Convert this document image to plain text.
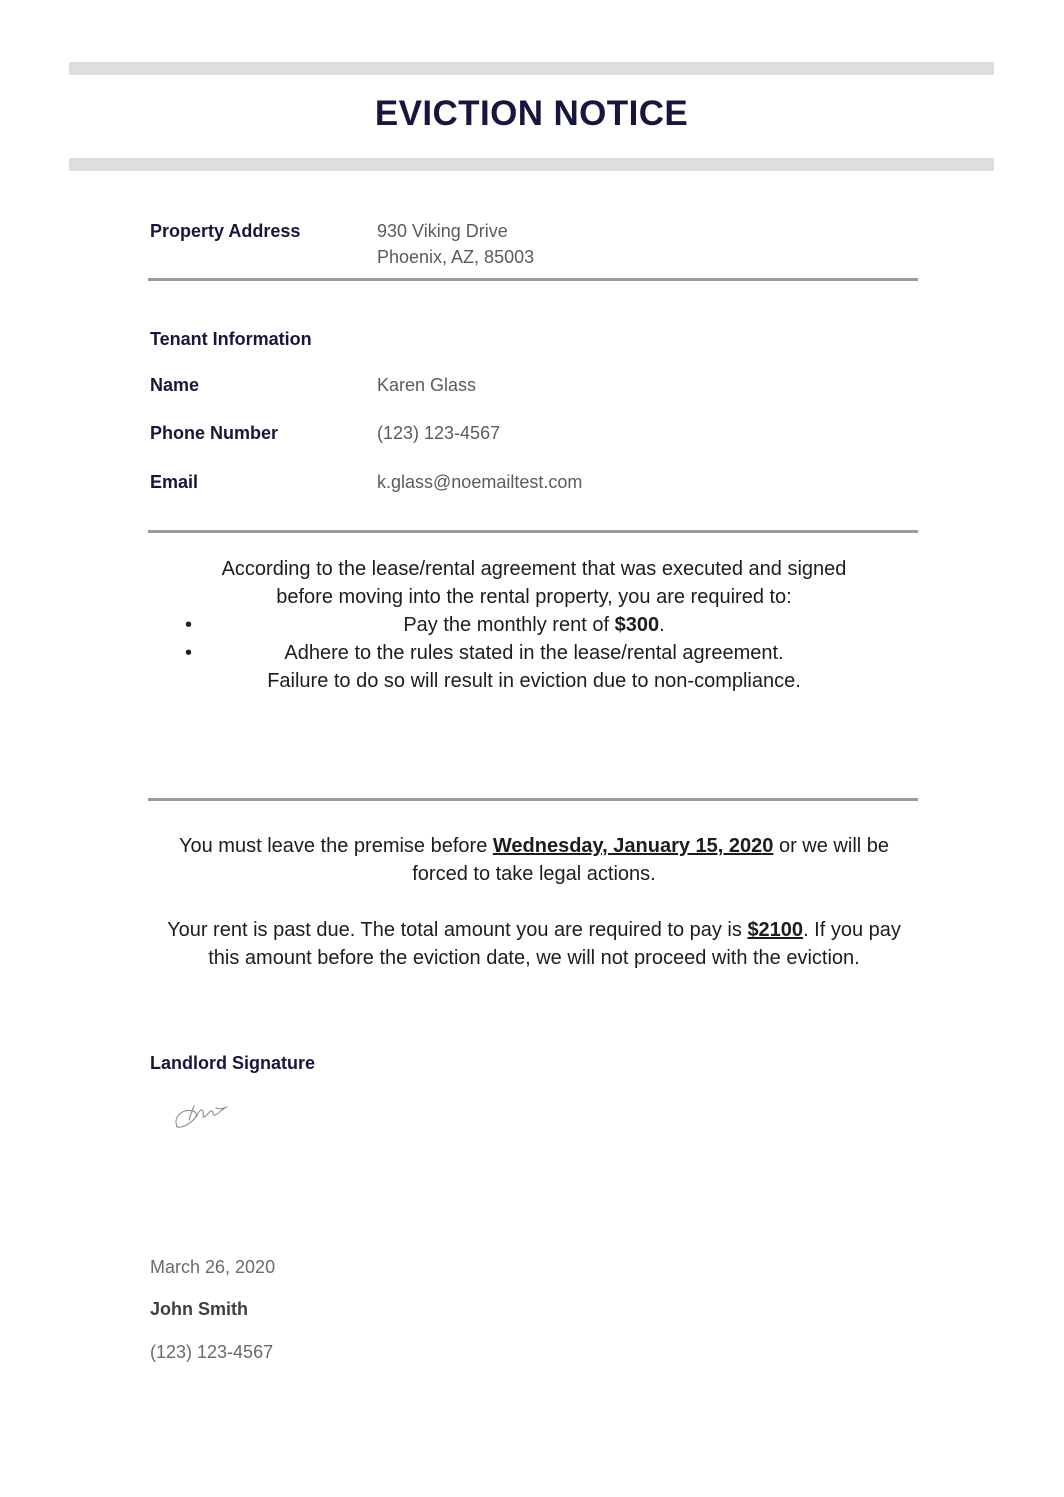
EVICTION NOTICE
Property Address	930 Viking Drive
Phoenix, AZ, 85003
Tenant Information
Name	Karen Glass
Phone Number	(123) 123-4567
Email	k.glass@noemailtest.com
According to the lease/rental agreement that was executed and signed
before moving into the rental property, you are required to:
•	Pay the monthly rent of $300.
•	Adhere to the rules stated in the lease/rental agreement.
Failure to do so will result in eviction due to non-compliance.

You must leave the premise before Wednesday, January 15, 2020 or we will be forced to take legal actions.

Your rent is past due. The total amount you are required to pay is $2100. If you pay this amount before the eviction date, we will not proceed with the eviction.

Landlord Signature
March 26, 2020
John Smith
(123) 123-4567
